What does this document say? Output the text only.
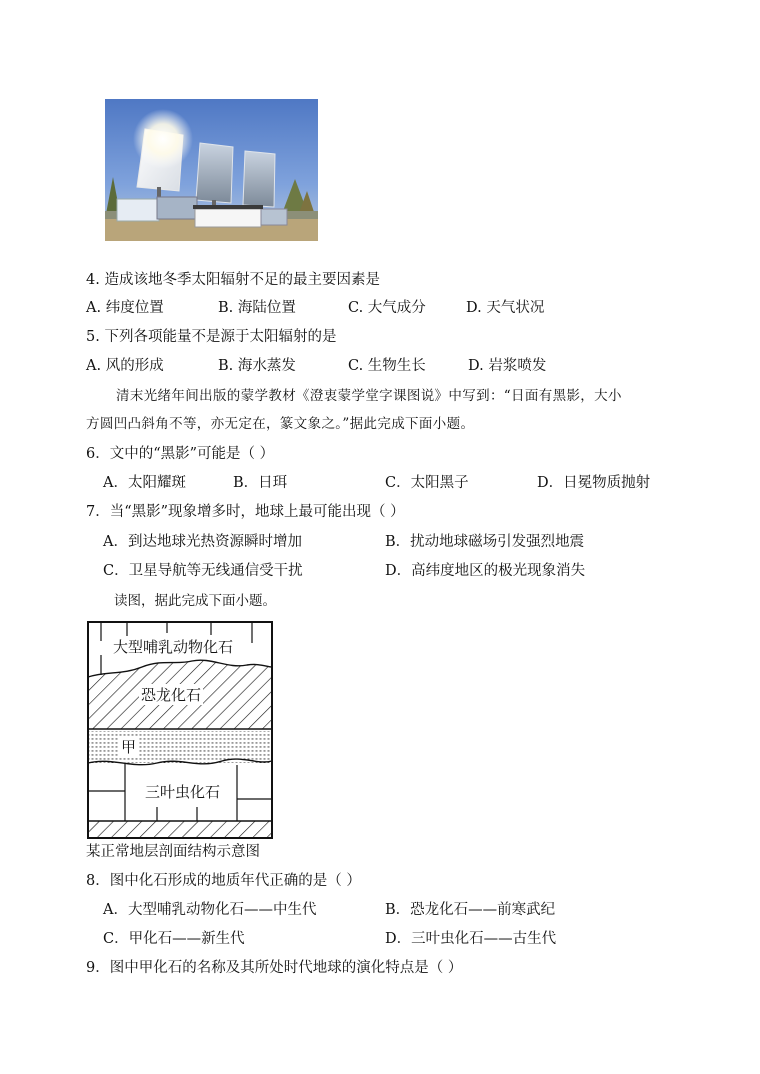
4. 造成该地冬季太阳辐射不足的最主要因素是
A. 纬度位置	B. 海陆位置	C. 大气成分	D. 天气状况
5. 下列各项能量不是源于太阳辐射的是
A. 风的形成	B. 海水蒸发	C. 生物生长	D. 岩浆喷发
清末光绪年间出版的蒙学教材《澄衷蒙学堂字课图说》中写到：“日面有黑影，大小
方圆凹凸斜角不等，亦无定在，篆文象之。”据此完成下面小题。
6．文中的“黑影”可能是（ ）
A．太阳耀斑	B．日珥	C．太阳黑子	D．日冕物质抛射
7．当“黑影”现象增多时，地球上最可能出现（ ）
A．到达地球光热资源瞬时增加	B．扰动地球磁场引发强烈地震
C．卫星导航等无线通信受干扰	D．高纬度地区的极光现象消失
读图，据此完成下面小题。
大型哺乳动物化石
恐龙化石
甲
三叶虫化石
某正常地层剖面结构示意图
8．图中化石形成的地质年代正确的是（ ）
A．大型哺乳动物化石——中生代	B．恐龙化石——前寒武纪
C．甲化石——新生代	D．三叶虫化石——古生代
9．图中甲化石的名称及其所处时代地球的演化特点是（ ）
